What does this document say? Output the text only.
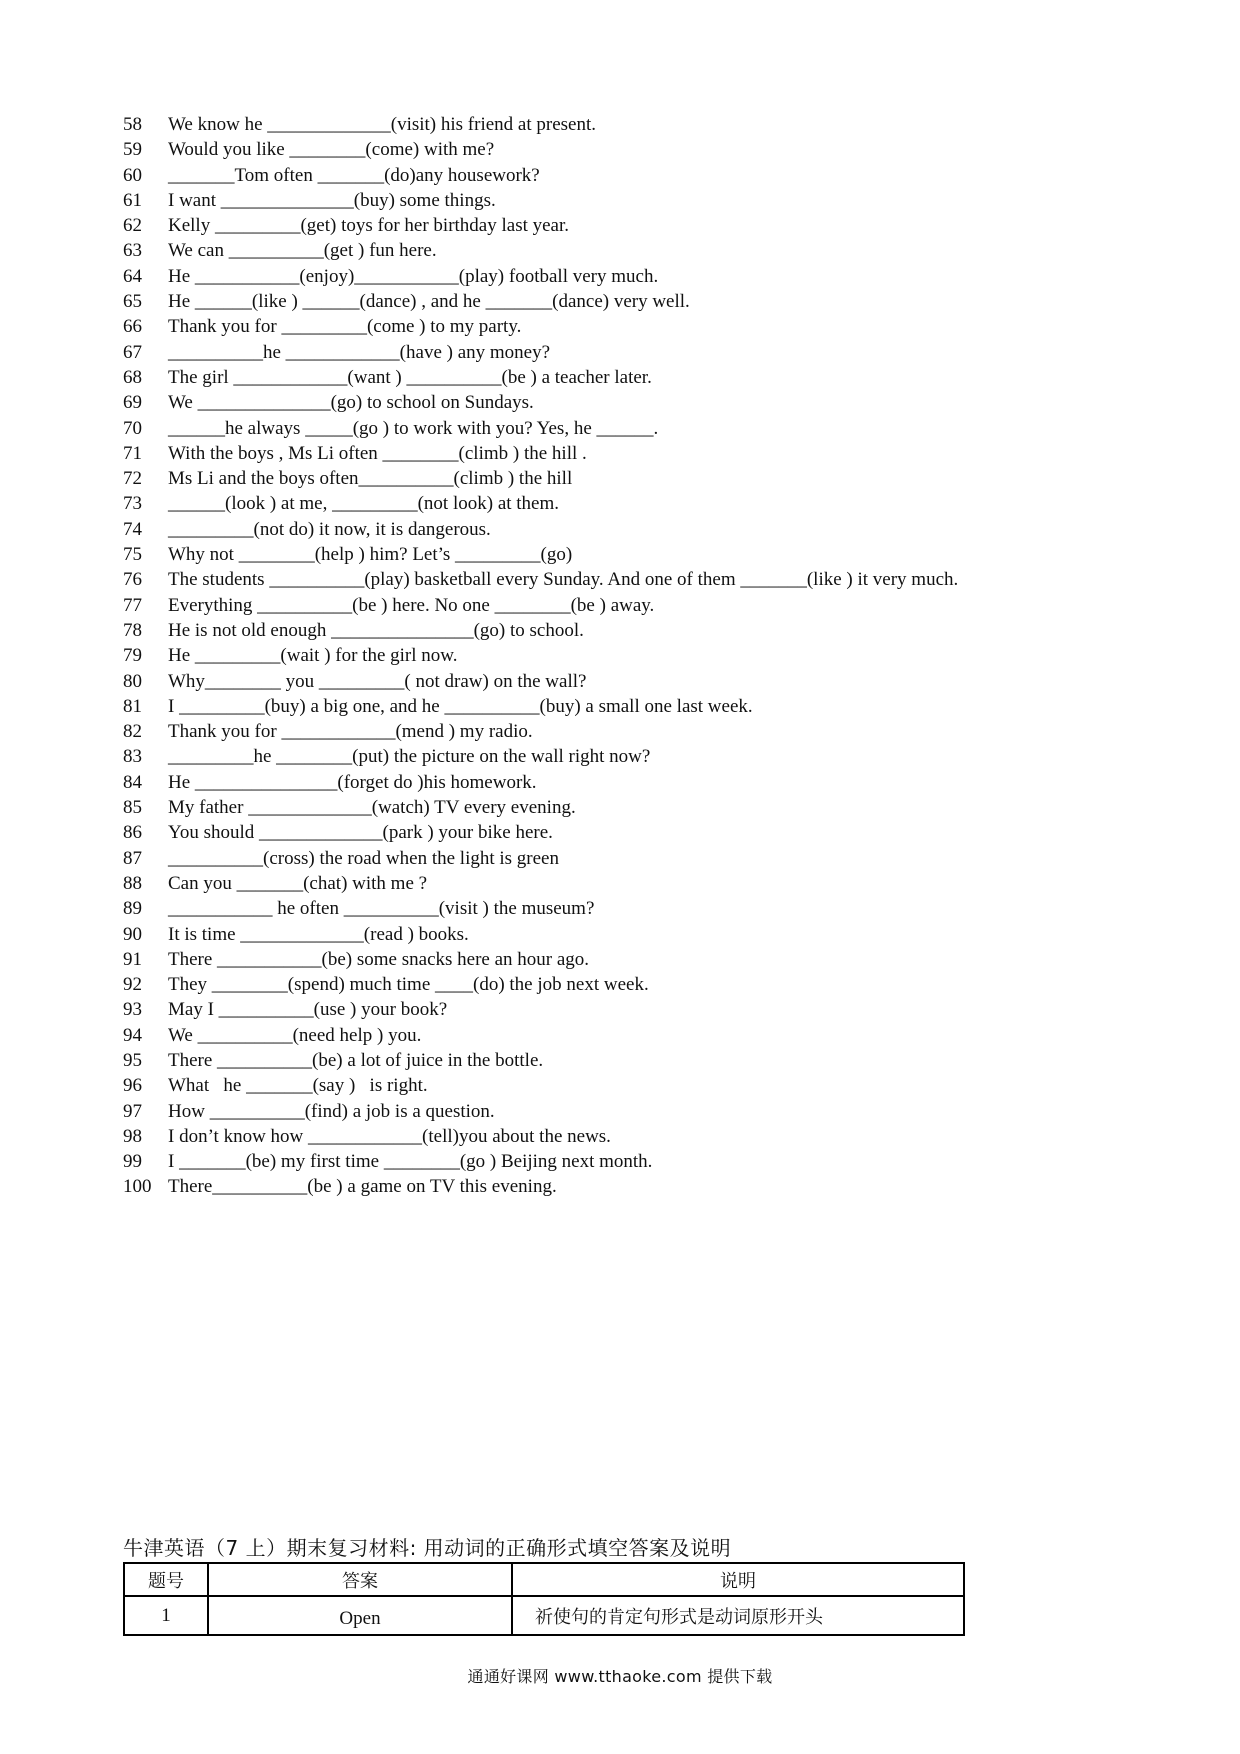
58	We know he _____________(visit) his friend at present.
59	Would you like ________(come) with me?
60	_______Tom often _______(do)any housework?
61	I want ______________(buy) some things.
62	Kelly _________(get) toys for her birthday last year.
63	We can __________(get ) fun here.
64	He ___________(enjoy)___________(play) football very much.
65	He ______(like ) ______(dance) , and he _______(dance) very well.
66	Thank you for _________(come ) to my party.
67	__________he ____________(have ) any money?
68	The girl ____________(want ) __________(be ) a teacher later.
69	We ______________(go) to school on Sundays.
70	______he always _____(go ) to work with you? Yes, he ______.
71	With the boys , Ms Li often ________(climb ) the hill .
72	Ms Li and the boys often__________(climb ) the hill
73	______(look ) at me, _________(not look) at them.
74	_________(not do) it now, it is dangerous.
75	Why not ________(help ) him? Let’s _________(go)
76	The students __________(play) basketball every Sunday. And one of them _______(like ) it very much.
77	Everything __________(be ) here. No one ________(be ) away.
78	He is not old enough _______________(go) to school.
79	He _________(wait ) for the girl now.
80	Why________ you _________( not draw) on the wall?
81	I _________(buy) a big one, and he __________(buy) a small one last week.
82	Thank you for ____________(mend ) my radio.
83	_________he ________(put) the picture on the wall right now?
84	He _______________(forget do )his homework.
85	My father _____________(watch) TV every evening.
86	You should _____________(park ) your bike here.
87	__________(cross) the road when the light is green
88	Can you _______(chat) with me ?
89	___________ he often __________(visit ) the museum?
90	It is time _____________(read ) books.
91	There ___________(be) some snacks here an hour ago.
92	They ________(spend) much time ____(do) the job next week.
93	May I __________(use ) your book?
94	We __________(need help ) you.
95	There __________(be) a lot of juice in the bottle.
96	What   he _______(say )   is right.
97	How __________(find) a job is a question.
98	I don’t know how ____________(tell)you about the news.
99	I _______(be) my first time ________(go ) Beijing next month.
100 There__________(be ) a game on TV this evening.
牛津英语（7 上）期末复习材料: 用动词的正确形式填空答案及说明
题号	答案	说明
1	Open	祈使句的肯定句形式是动词原形开头
通通好课网 www.tthaoke.com 提供下载
